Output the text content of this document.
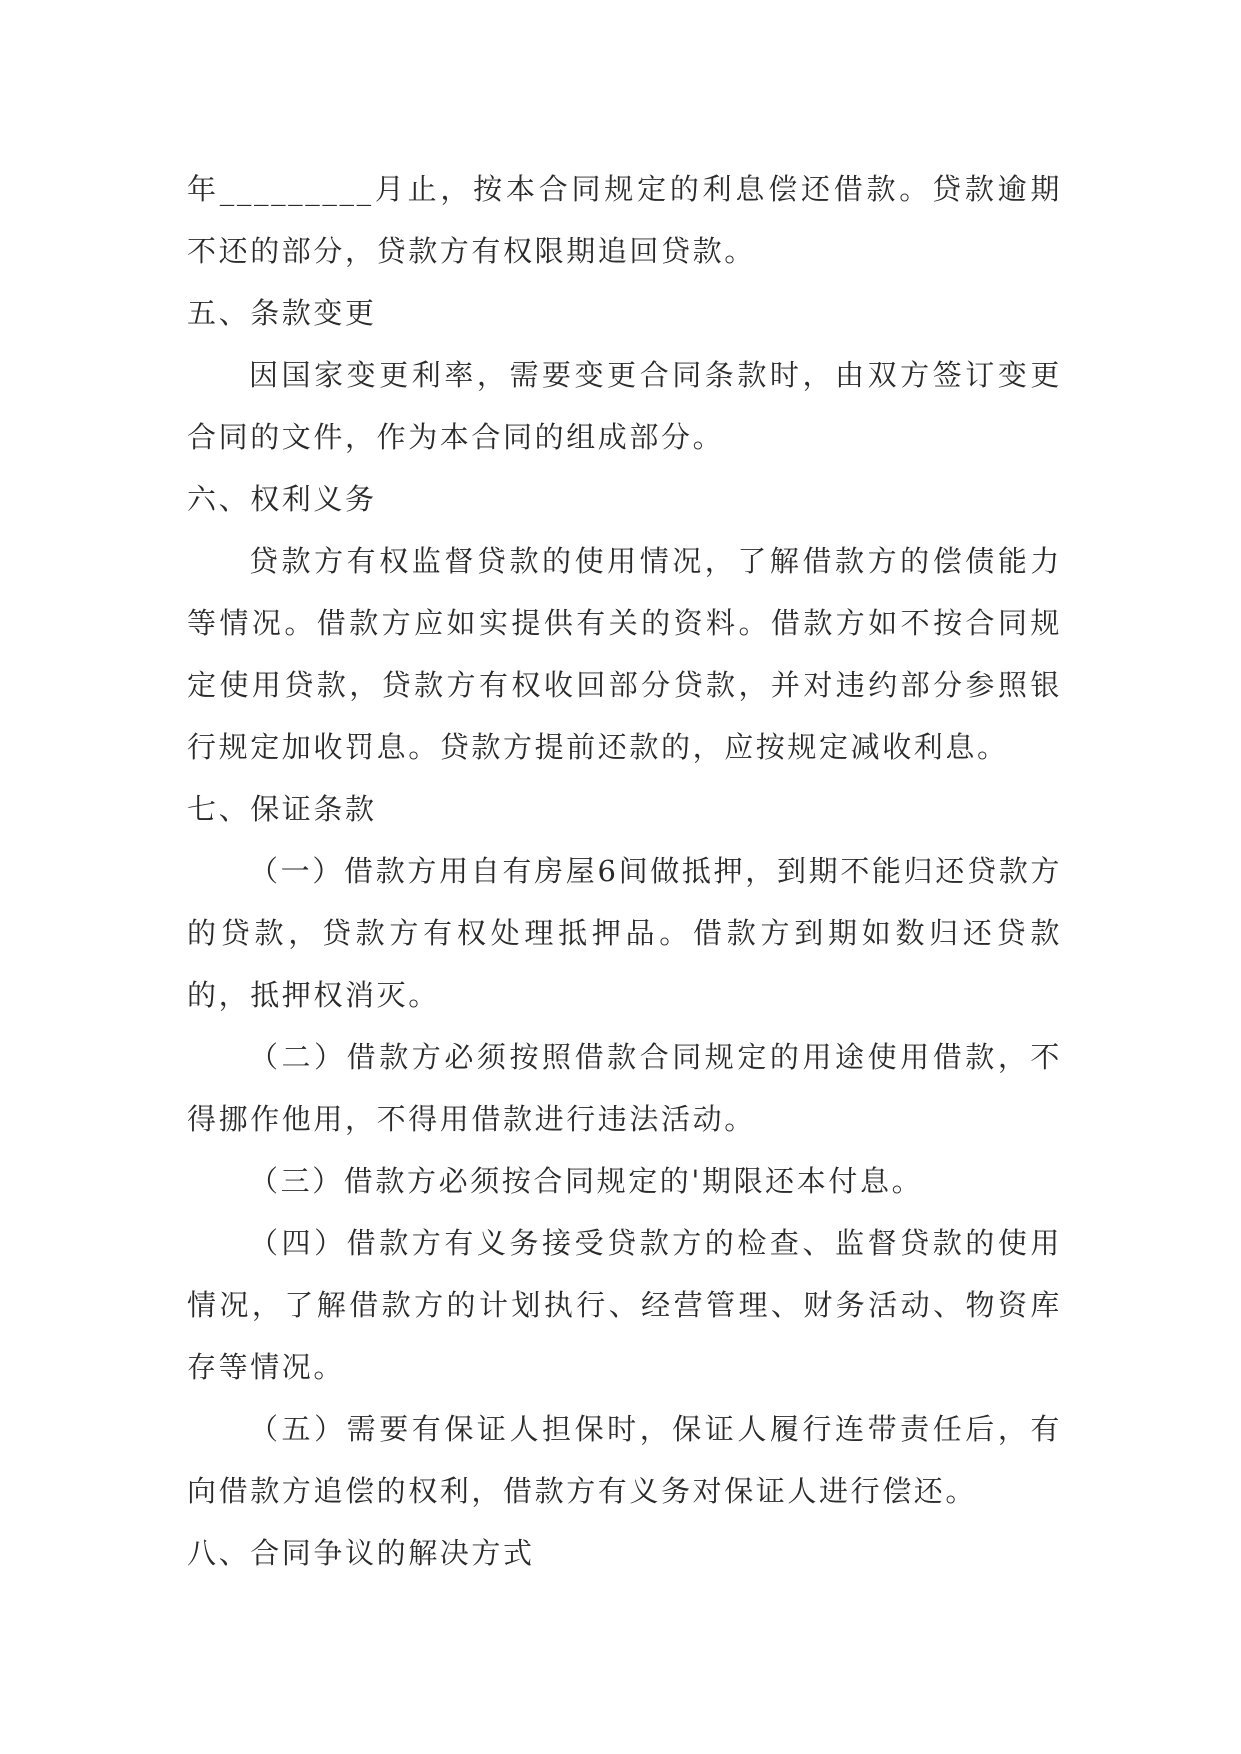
年_________月止，按本合同规定的利息偿还借款。贷款逾期不还的部分，贷款方有权限期追回贷款。

五、条款变更

因国家变更利率，需要变更合同条款时，由双方签订变更合同的文件，作为本合同的组成部分。

六、权利义务

贷款方有权监督贷款的使用情况，了解借款方的偿债能力等情况。借款方应如实提供有关的资料。借款方如不按合同规定使用贷款，贷款方有权收回部分贷款，并对违约部分参照银行规定加收罚息。贷款方提前还款的，应按规定减收利息。

七、保证条款

（一）借款方用自有房屋6间做抵押，到期不能归还贷款方的贷款，贷款方有权处理抵押品。借款方到期如数归还贷款的，抵押权消灭。

（二）借款方必须按照借款合同规定的用途使用借款，不得挪作他用，不得用借款进行违法活动。

（三）借款方必须按合同规定的'期限还本付息。

（四）借款方有义务接受贷款方的检查、监督贷款的使用情况，了解借款方的计划执行、经营管理、财务活动、物资库存等情况。

（五）需要有保证人担保时，保证人履行连带责任后，有向借款方追偿的权利，借款方有义务对保证人进行偿还。

八、合同争议的解决方式
